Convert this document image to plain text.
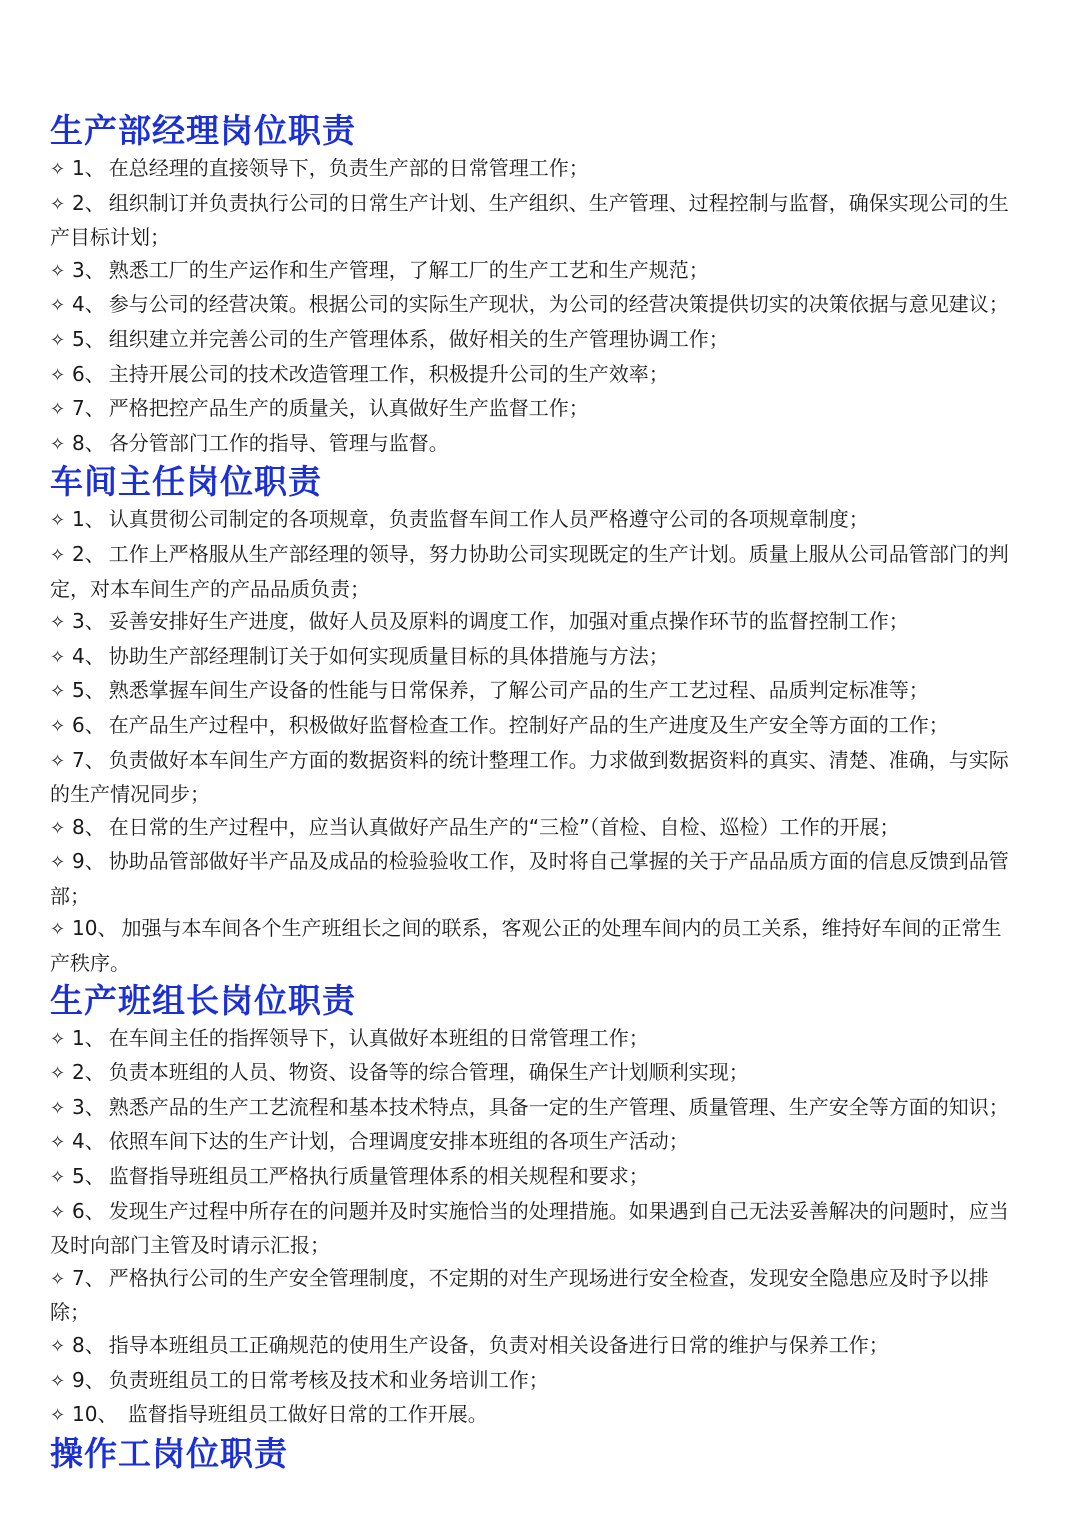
生产部经理岗位职责

✧ 1、 在总经理的直接领导下，负责生产部的日常管理工作；

✧ 2、 组织制订并负责执行公司的日常生产计划、生产组织、生产管理、过程控制与监督，确保实现公司的生产目标计划；

✧ 3、 熟悉工厂的生产运作和生产管理，了解工厂的生产工艺和生产规范；

✧ 4、 参与公司的经营决策。根据公司的实际生产现状，为公司的经营决策提供切实的决策依据与意见建议；

✧ 5、 组织建立并完善公司的生产管理体系，做好相关的生产管理协调工作；

✧ 6、 主持开展公司的技术改造管理工作，积极提升公司的生产效率；

✧ 7、 严格把控产品生产的质量关，认真做好生产监督工作；

✧ 8、 各分管部门工作的指导、管理与监督。

车间主任岗位职责

✧ 1、 认真贯彻公司制定的各项规章，负责监督车间工作人员严格遵守公司的各项规章制度；

✧ 2、 工作上严格服从生产部经理的领导，努力协助公司实现既定的生产计划。质量上服从公司品管部门的判定，对本车间生产的产品品质负责；

✧ 3、 妥善安排好生产进度，做好人员及原料的调度工作，加强对重点操作环节的监督控制工作；

✧ 4、 协助生产部经理制订关于如何实现质量目标的具体措施与方法；

✧ 5、 熟悉掌握车间生产设备的性能与日常保养，了解公司产品的生产工艺过程、品质判定标准等；

✧ 6、 在产品生产过程中，积极做好监督检查工作。控制好产品的生产进度及生产安全等方面的工作；

✧ 7、 负责做好本车间生产方面的数据资料的统计整理工作。力求做到数据资料的真实、清楚、准确，与实际的生产情况同步；

✧ 8、 在日常的生产过程中，应当认真做好产品生产的“三检”（首检、自检、巡检）工作的开展；

✧ 9、 协助品管部做好半产品及成品的检验验收工作，及时将自己掌握的关于产品品质方面的信息反馈到品管部；

✧ 10、 加强与本车间各个生产班组长之间的联系，客观公正的处理车间内的员工关系，维持好车间的正常生产秩序。

生产班组长岗位职责

✧ 1、 在车间主任的指挥领导下，认真做好本班组的日常管理工作；

✧ 2、 负责本班组的人员、物资、设备等的综合管理，确保生产计划顺利实现；

✧ 3、 熟悉产品的生产工艺流程和基本技术特点，具备一定的生产管理、质量管理、生产安全等方面的知识；

✧ 4、 依照车间下达的生产计划，合理调度安排本班组的各项生产活动；

✧ 5、 监督指导班组员工严格执行质量管理体系的相关规程和要求；

✧ 6、 发现生产过程中所存在的问题并及时实施恰当的处理措施。如果遇到自己无法妥善解决的问题时，应当及时向部门主管及时请示汇报；

✧ 7、 严格执行公司的生产安全管理制度，不定期的对生产现场进行安全检查，发现安全隐患应及时予以排除；

✧ 8、 指导本班组员工正确规范的使用生产设备，负责对相关设备进行日常的维护与保养工作；

✧ 9、 负责班组员工的日常考核及技术和业务培训工作；

✧ 10、 监督指导班组员工做好日常的工作开展。

操作工岗位职责
